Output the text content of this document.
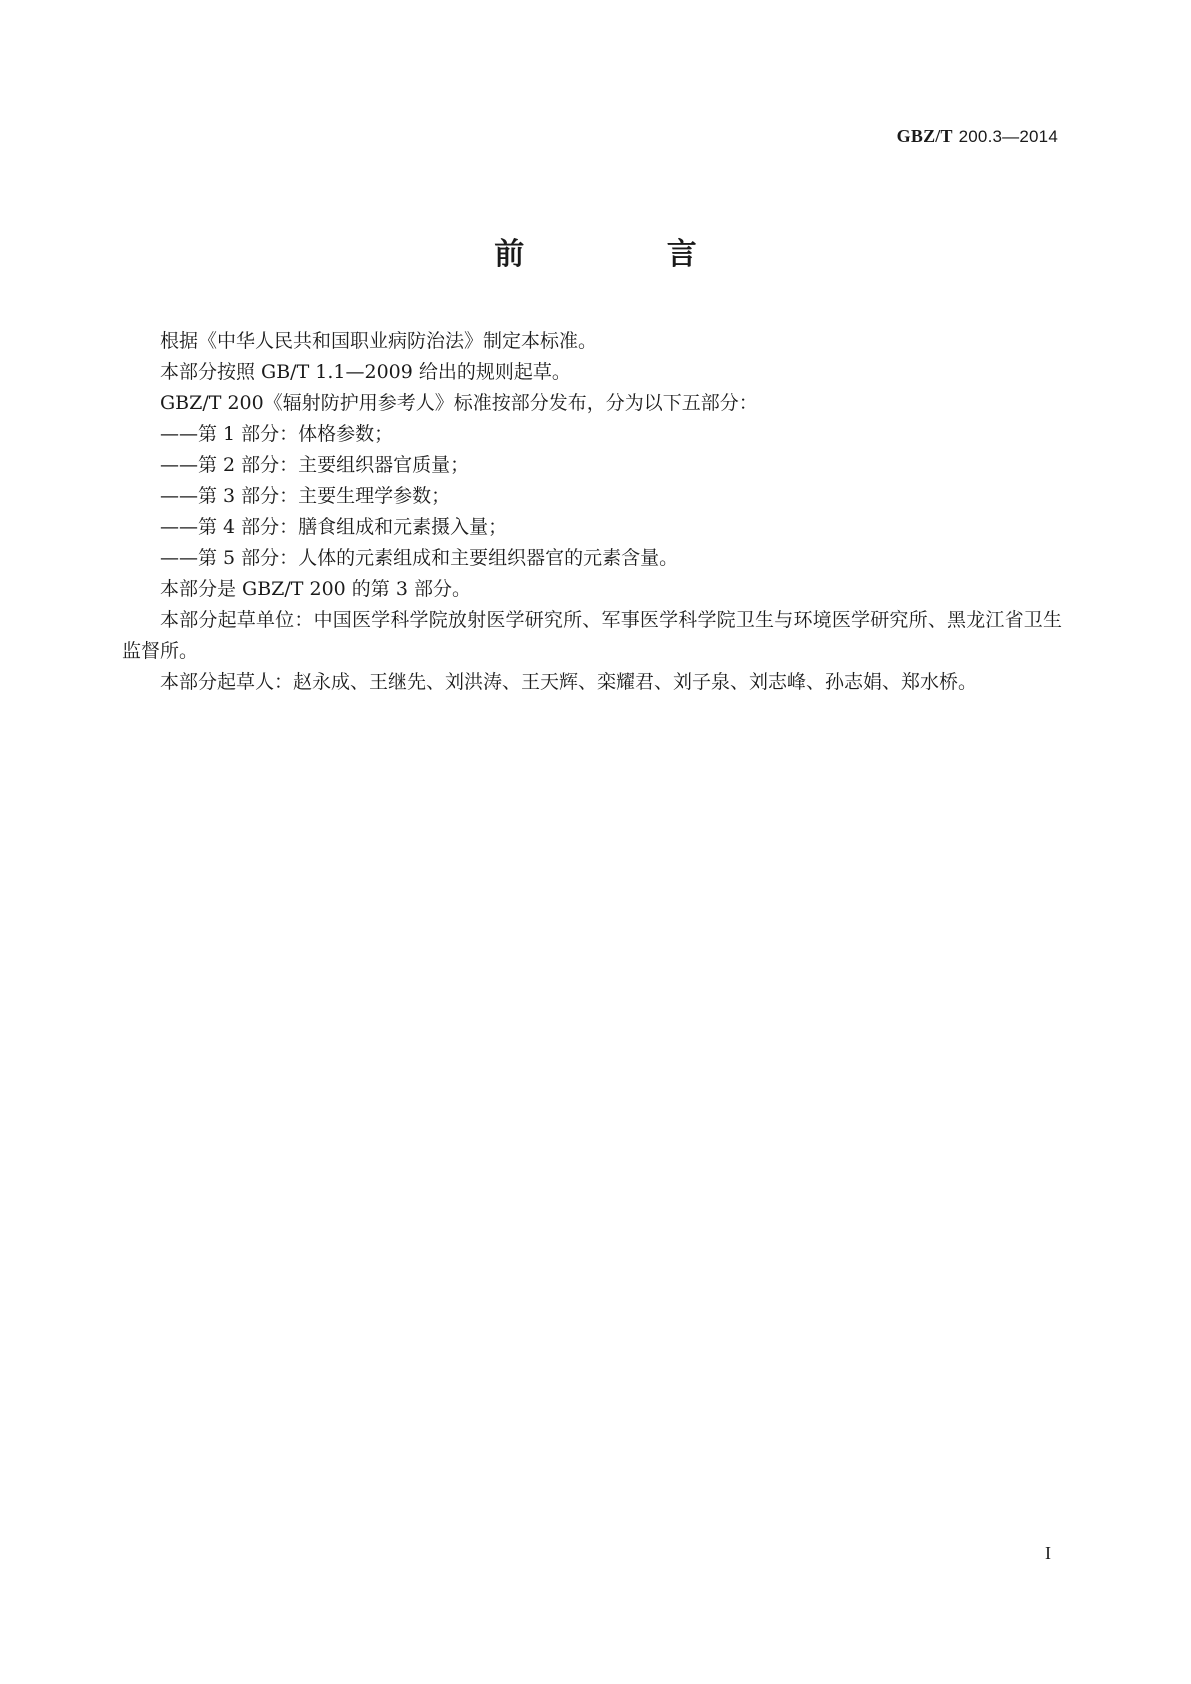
GBZ/T 200.3—2014
前 言

根据《中华人民共和国职业病防治法》制定本标准。

本部分按照 GB/T 1.1—2009 给出的规则起草。

GBZ/T 200《辐射防护用参考人》标准按部分发布，分为以下五部分：

——第 1 部分：体格参数；

——第 2 部分：主要组织器官质量；

——第 3 部分：主要生理学参数；

——第 4 部分：膳食组成和元素摄入量；

——第 5 部分：人体的元素组成和主要组织器官的元素含量。

本部分是 GBZ/T 200 的第 3 部分。

本部分起草单位：中国医学科学院放射医学研究所、军事医学科学院卫生与环境医学研究所、黑龙江省卫生监督所。

本部分起草人：赵永成、王继先、刘洪涛、王天辉、栾耀君、刘子泉、刘志峰、孙志娟、郑水桥。

I
